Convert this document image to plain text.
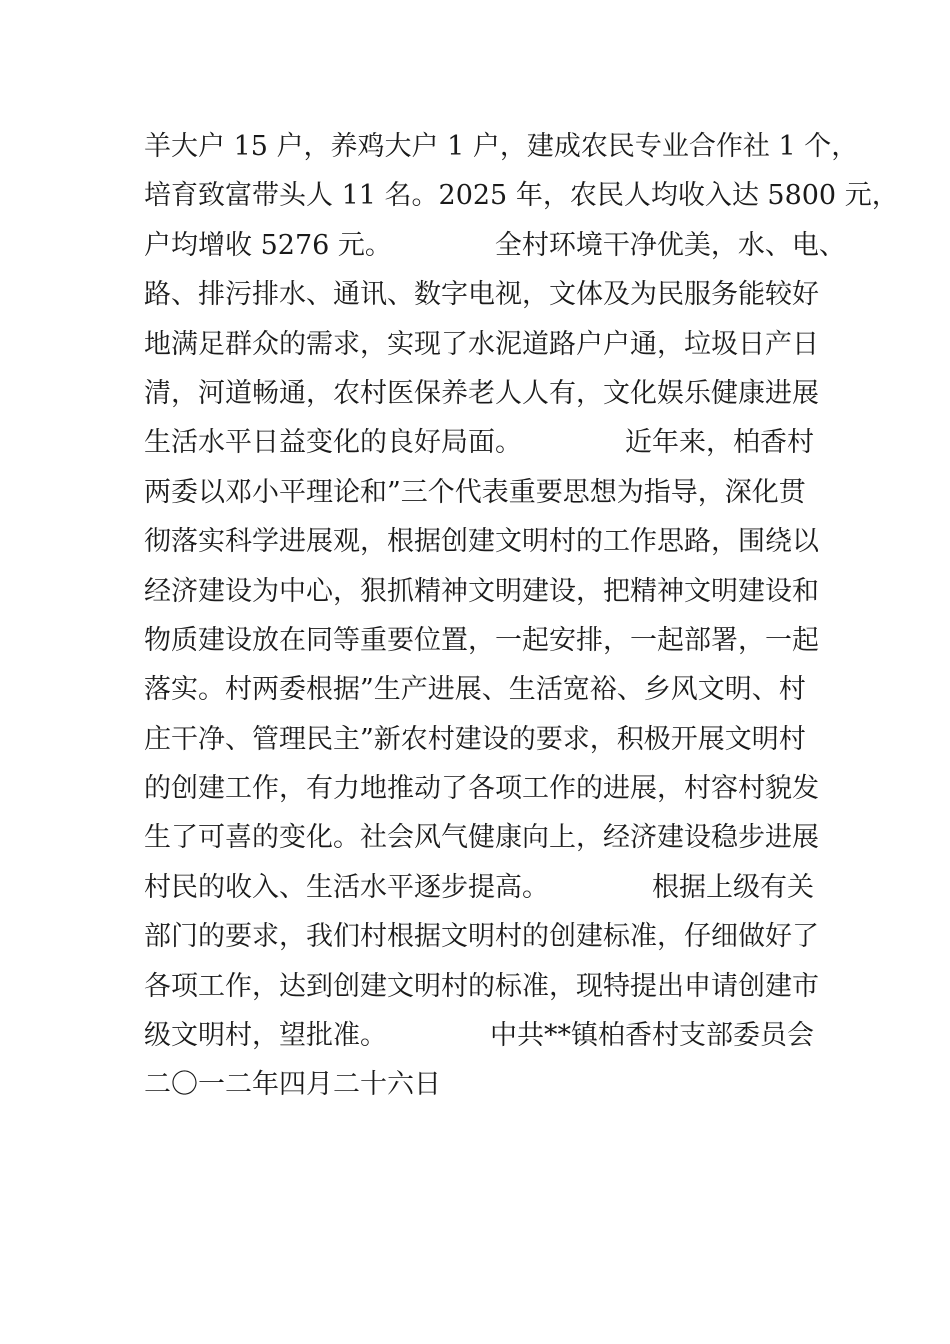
羊大户 15 户，养鸡大户 1 户，建成农民专业合作社 1 个，
培育致富带头人 11 名。2025 年，农民人均收入达 5800 元，
户均增收 5276 元。            全村环境干净优美，水、电、
路、排污排水、通讯、数字电视，文体及为民服务能较好
地满足群众的需求，实现了水泥道路户户通，垃圾日产日
清，河道畅通，农村医保养老人人有，文化娱乐健康进展
生活水平日益变化的良好局面。            近年来，柏香村
两委以邓小平理论和”三个代表重要思想为指导，深化贯
彻落实科学进展观，根据创建文明村的工作思路，围绕以
经济建设为中心，狠抓精神文明建设，把精神文明建设和
物质建设放在同等重要位置，一起安排，一起部署，一起
落实。村两委根据”生产进展、生活宽裕、乡风文明、村
庄干净、管理民主”新农村建设的要求，积极开展文明村
的创建工作，有力地推动了各项工作的进展，村容村貌发
生了可喜的变化。社会风气健康向上，经济建设稳步进展
村民的收入、生活水平逐步提高。            根据上级有关
部门的要求，我们村根据文明村的创建标准，仔细做好了
各项工作，达到创建文明村的标准，现特提出申请创建市
级文明村，望批准。            中共**镇柏香村支部委员会
二〇一二年四月二十六日
